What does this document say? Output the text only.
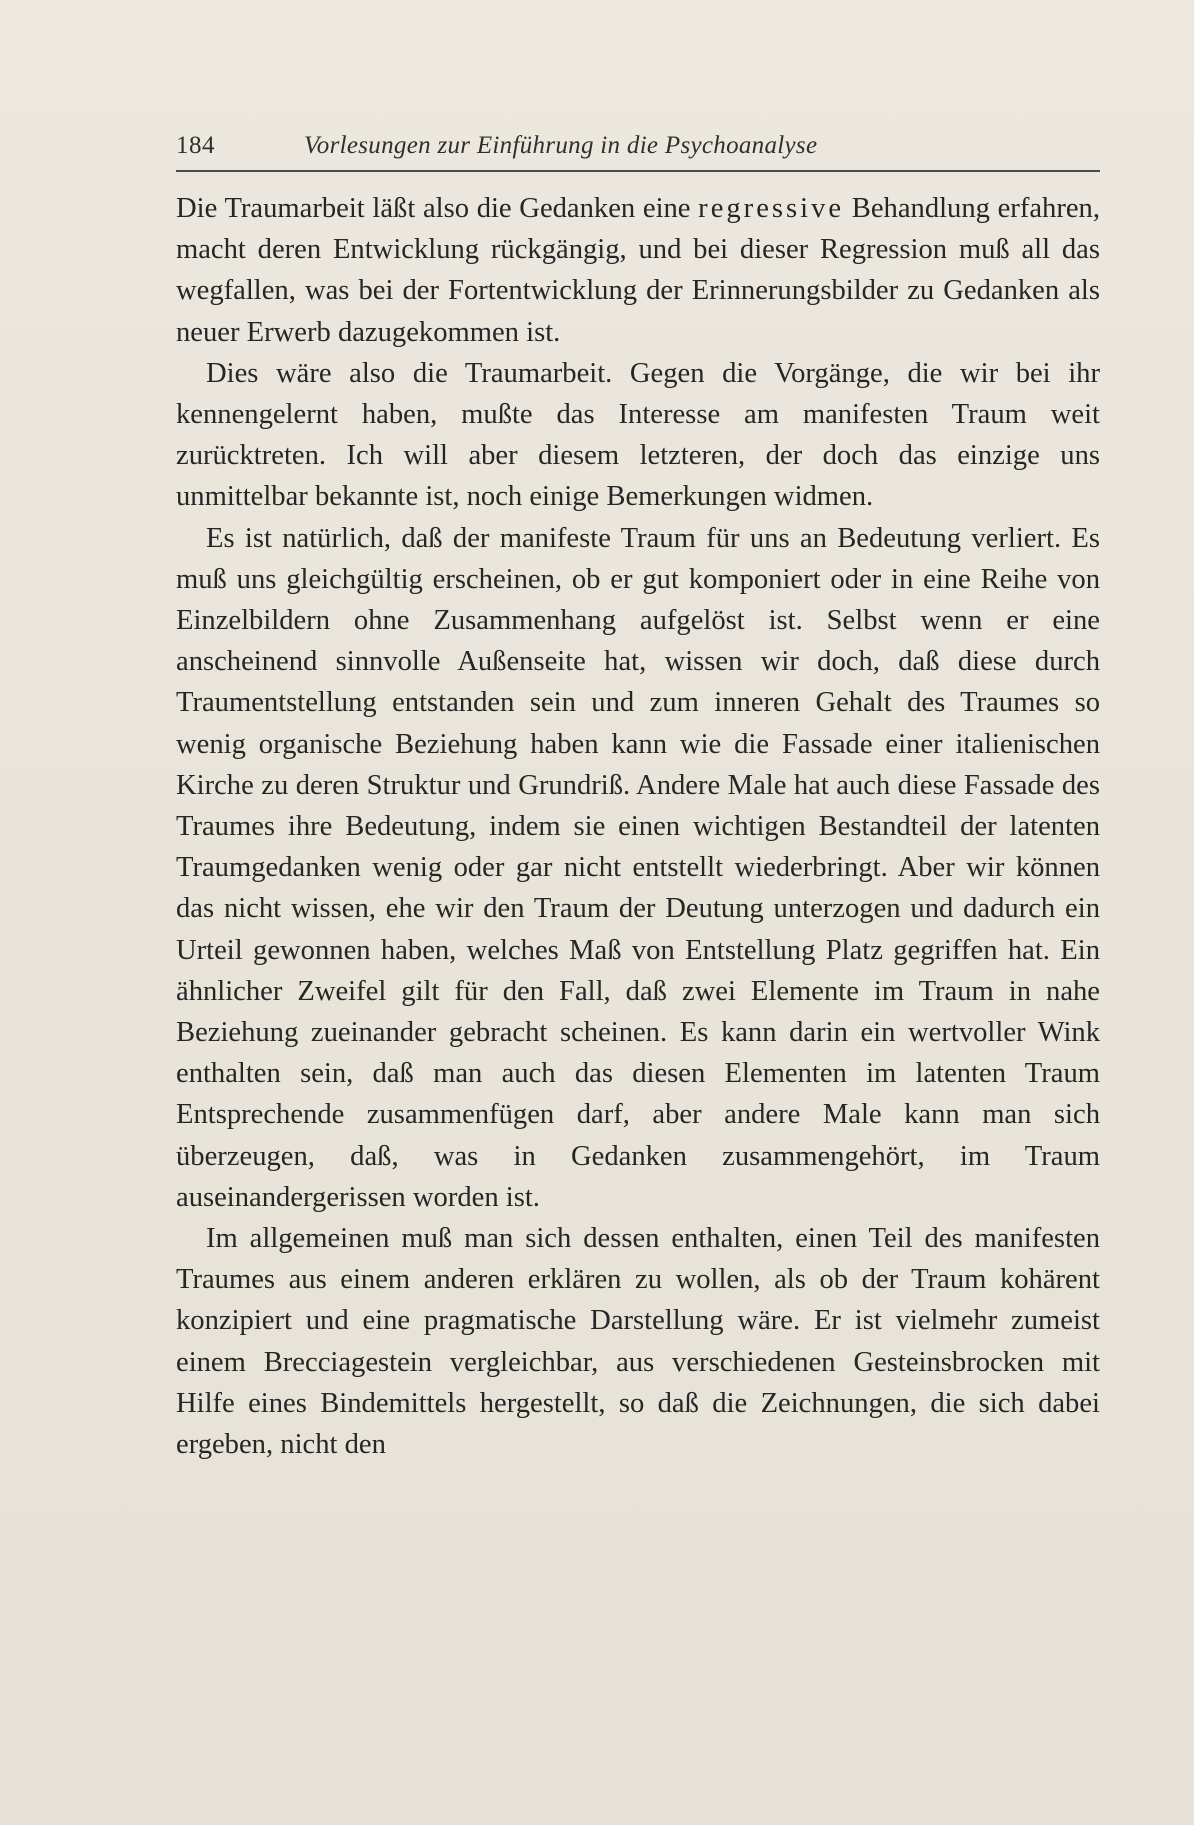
184	Vorlesungen zur Einführung in die Psychoanalyse

Die Traumarbeit läßt also die Gedanken eine regressive Behandlung erfahren, macht deren Entwicklung rückgängig, und bei dieser Regression muß all das wegfallen, was bei der Fortentwicklung der Erinnerungsbilder zu Gedanken als neuer Erwerb dazugekommen ist.

Dies wäre also die Traumarbeit. Gegen die Vorgänge, die wir bei ihr kennengelernt haben, mußte das Interesse am manifesten Traum weit zurücktreten. Ich will aber diesem letzteren, der doch das einzige uns unmittelbar bekannte ist, noch einige Bemerkungen widmen.

Es ist natürlich, daß der manifeste Traum für uns an Bedeutung verliert. Es muß uns gleichgültig erscheinen, ob er gut komponiert oder in eine Reihe von Einzelbildern ohne Zusammenhang aufgelöst ist. Selbst wenn er eine anscheinend sinnvolle Außenseite hat, wissen wir doch, daß diese durch Traumentstellung entstanden sein und zum inneren Gehalt des Traumes so wenig organische Beziehung haben kann wie die Fassade einer italienischen Kirche zu deren Struktur und Grundriß. Andere Male hat auch diese Fassade des Traumes ihre Bedeutung, indem sie einen wichtigen Bestandteil der latenten Traumgedanken wenig oder gar nicht entstellt wiederbringt. Aber wir können das nicht wissen, ehe wir den Traum der Deutung unterzogen und dadurch ein Urteil gewonnen haben, welches Maß von Entstellung Platz gegriffen hat. Ein ähnlicher Zweifel gilt für den Fall, daß zwei Elemente im Traum in nahe Beziehung zueinander gebracht scheinen. Es kann darin ein wertvoller Wink enthalten sein, daß man auch das diesen Elementen im latenten Traum Entsprechende zusammenfügen darf, aber andere Male kann man sich überzeugen, daß, was in Gedanken zusammengehört, im Traum auseinandergerissen worden ist.

Im allgemeinen muß man sich dessen enthalten, einen Teil des manifesten Traumes aus einem anderen erklären zu wollen, als ob der Traum kohärent konzipiert und eine pragmatische Darstellung wäre. Er ist vielmehr zumeist einem Brecciagestein vergleichbar, aus verschiedenen Gesteinsbrocken mit Hilfe eines Bindemittels hergestellt, so daß die Zeichnungen, die sich dabei ergeben, nicht den
